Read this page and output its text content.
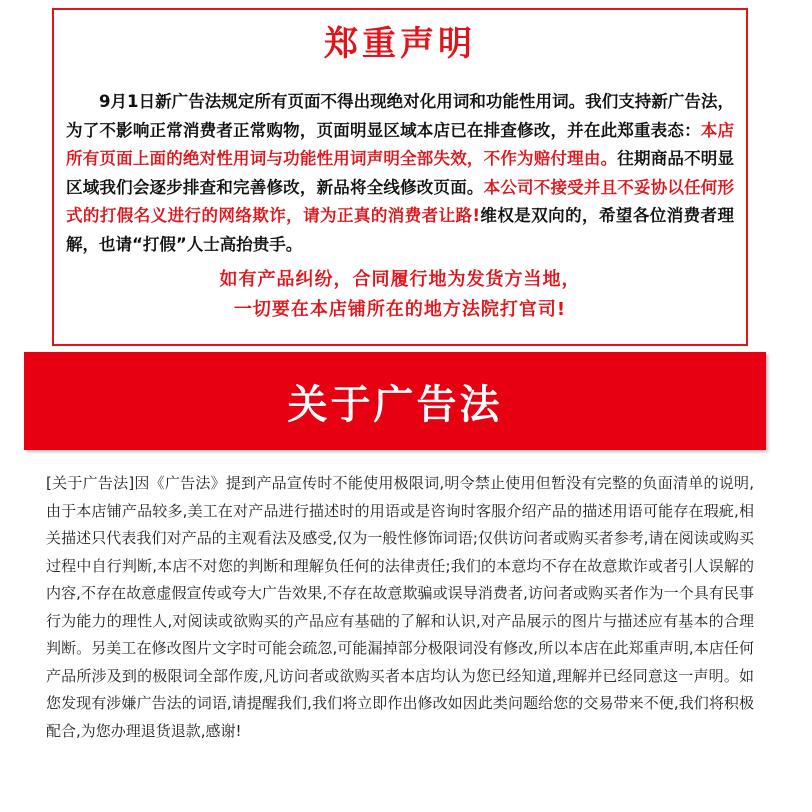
郑重声明

9月1日新广告法规定所有页面不得出现绝对化用词和功能性用词。我们支持新广告法，为了不影响正常消费者正常购物，页面明显区域本店已在排查修改，并在此郑重表态：本店所有页面上面的绝对性用词与功能性用词声明全部失效，不作为赔付理由。往期商品不明显区域我们会逐步排查和完善修改，新品将全线修改页面。本公司不接受并且不妥协以任何形式的打假名义进行的网络欺诈，请为正真的消费者让路!维权是双向的，希望各位消费者理解，也请“打假”人士高抬贵手。

如有产品纠纷，合同履行地为发货方当地，
一切要在本店铺所在的地方法院打官司!
关于广告法
[关于广告法]因《广告法》提到产品宣传时不能使用极限词,明令禁止使用但暂没有完整的负面清单的说明,由于本店铺产品较多,美工在对产品进行描述时的用语或是咨询时客服介绍产品的描述用语可能存在瑕疵,相关描述只代表我们对产品的主观看法及感受,仅为一般性修饰词语;仅供访问者或购买者参考,请在阅读或购买过程中自行判断,本店不对您的判断和理解负任何的法律责任;我们的本意均不存在故意欺诈或者引人误解的内容,不存在故意虚假宣传或夸大广告效果,不存在故意欺骗或误导消费者,访问者或购买者作为一个具有民事行为能力的理性人,对阅读或欲购买的产品应有基础的了解和认识,对产品展示的图片与描述应有基本的合理判断。另美工在修改图片文字时可能会疏忽,可能漏掉部分极限词没有修改,所以本店在此郑重声明,本店任何产品所涉及到的极限词全部作废,凡访问者或欲购买者本店均认为您已经知道,理解并已经同意这一声明。如您发现有涉嫌广告法的词语,请提醒我们,我们将立即作出修改如因此类问题给您的交易带来不便,我们将积极配合,为您办理退货退款,感谢!
